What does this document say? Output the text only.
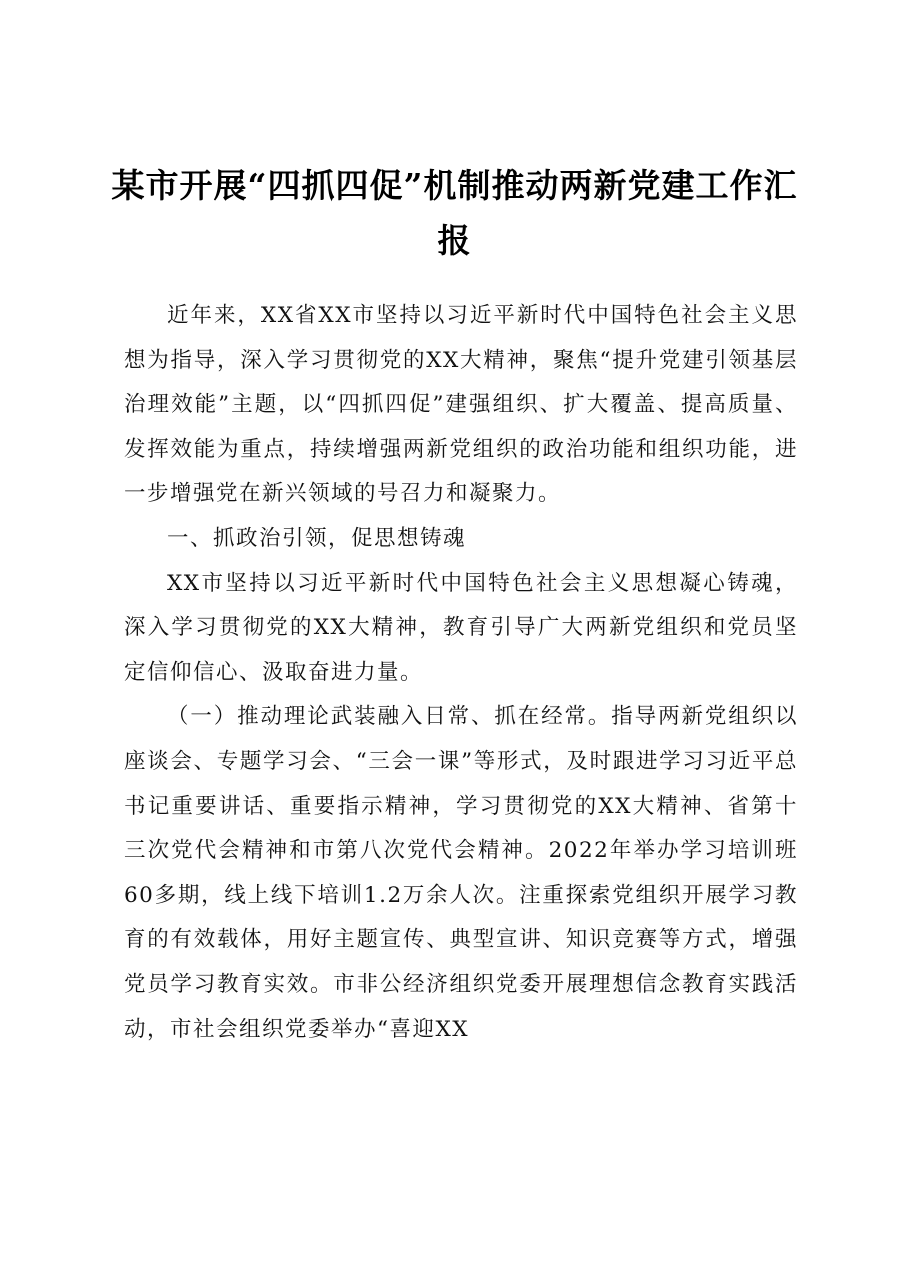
某市开展“四抓四促”机制推动两新党建工作汇报

近年来，XX省XX市坚持以习近平新时代中国特色社会主义思想为指导，深入学习贯彻党的XX大精神，聚焦“提升党建引领基层治理效能”主题，以“四抓四促”建强组织、扩大覆盖、提高质量、发挥效能为重点，持续增强两新党组织的政治功能和组织功能，进一步增强党在新兴领域的号召力和凝聚力。

一、抓政治引领，促思想铸魂

XX市坚持以习近平新时代中国特色社会主义思想凝心铸魂，深入学习贯彻党的XX大精神，教育引导广大两新党组织和党员坚定信仰信心、汲取奋进力量。

（一）推动理论武装融入日常、抓在经常。指导两新党组织以座谈会、专题学习会、“三会一课”等形式，及时跟进学习习近平总书记重要讲话、重要指示精神，学习贯彻党的XX大精神、省第十三次党代会精神和市第八次党代会精神。2022年举办学习培训班60多期，线上线下培训1.2万余人次。注重探索党组织开展学习教育的有效载体，用好主题宣传、典型宣讲、知识竞赛等方式，增强党员学习教育实效。市非公经济组织党委开展理想信念教育实践活动，市社会组织党委举办“喜迎XX
